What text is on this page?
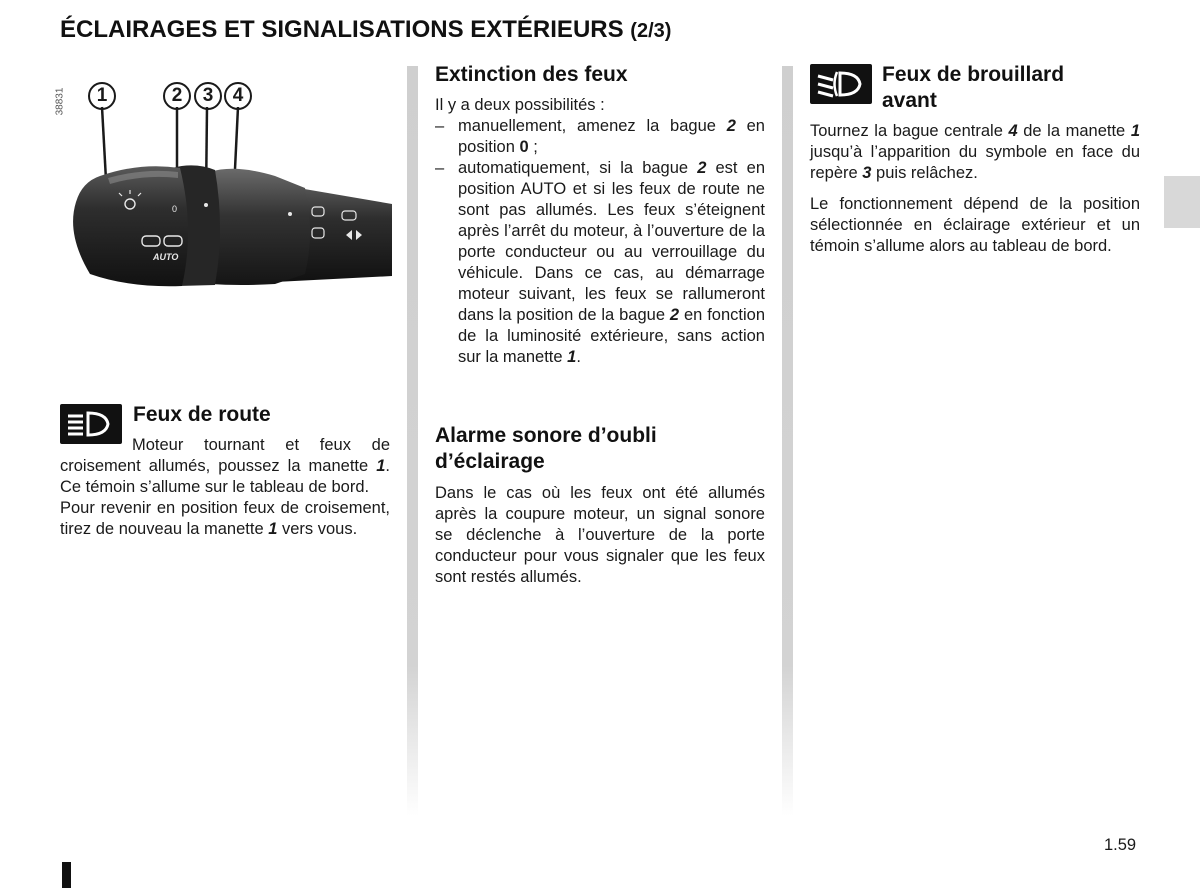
ÉCLAIRAGES ET SIGNALISATIONS EXTÉRIEURS (2/3)
38831	1	2	3	4
0
AUTO
Feux de route

Moteur tournant et feux de croisement allumés, poussez la manette 1. Ce témoin s’allume sur le tableau de bord.

Pour revenir en position feux de croisement, tirez de nouveau la manette 1 vers vous.

Extinction des feux

Il y a deux possibilités :

– manuellement, amenez la bague 2 en position 0 ;
– automatiquement, si la bague 2 est en position AUTO et si les feux de route ne sont pas allumés. Les feux s’éteignent après l’arrêt du moteur, à l’ouverture de la porte conducteur ou au verrouillage du véhicule. Dans ce cas, au démarrage moteur suivant, les feux se rallumeront dans la position de la bague 2 en fonction de la luminosité extérieure, sans action sur la manette 1.
Alarme sonore d’oubli d’éclairage

Dans le cas où les feux ont été allumés après la coupure moteur, un signal sonore se déclenche à l’ouverture de la porte conducteur pour vous signaler que les feux sont restés allumés.

Feux de brouillard avant

Tournez la bague centrale 4 de la manette 1 jusqu’à l’apparition du symbole en face du repère 3 puis relâchez.

Le fonctionnement dépend de la position sélectionnée en éclairage extérieur et un témoin s’allume alors au tableau de bord.

1.59
